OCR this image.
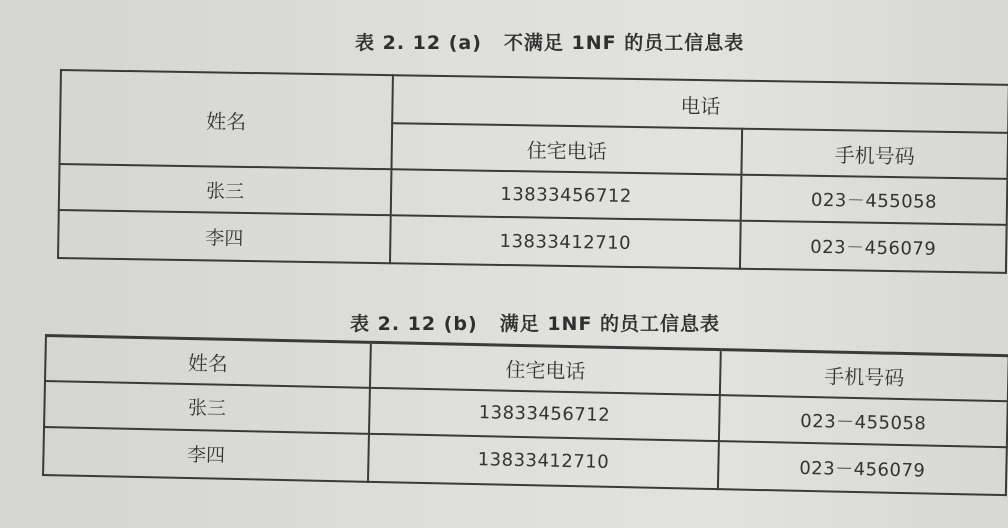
表 2. 12 (a) 不满足 1NF 的员工信息表
姓名	电话	
	住宅电话	手机号码
张三	13833456712	023－455058
李四	13833412710	023－456079
表 2. 12 (b) 满足 1NF 的员工信息表
姓名	住宅电话	手机号码
张三	13833456712	023－455058
李四	13833412710	023－456079
